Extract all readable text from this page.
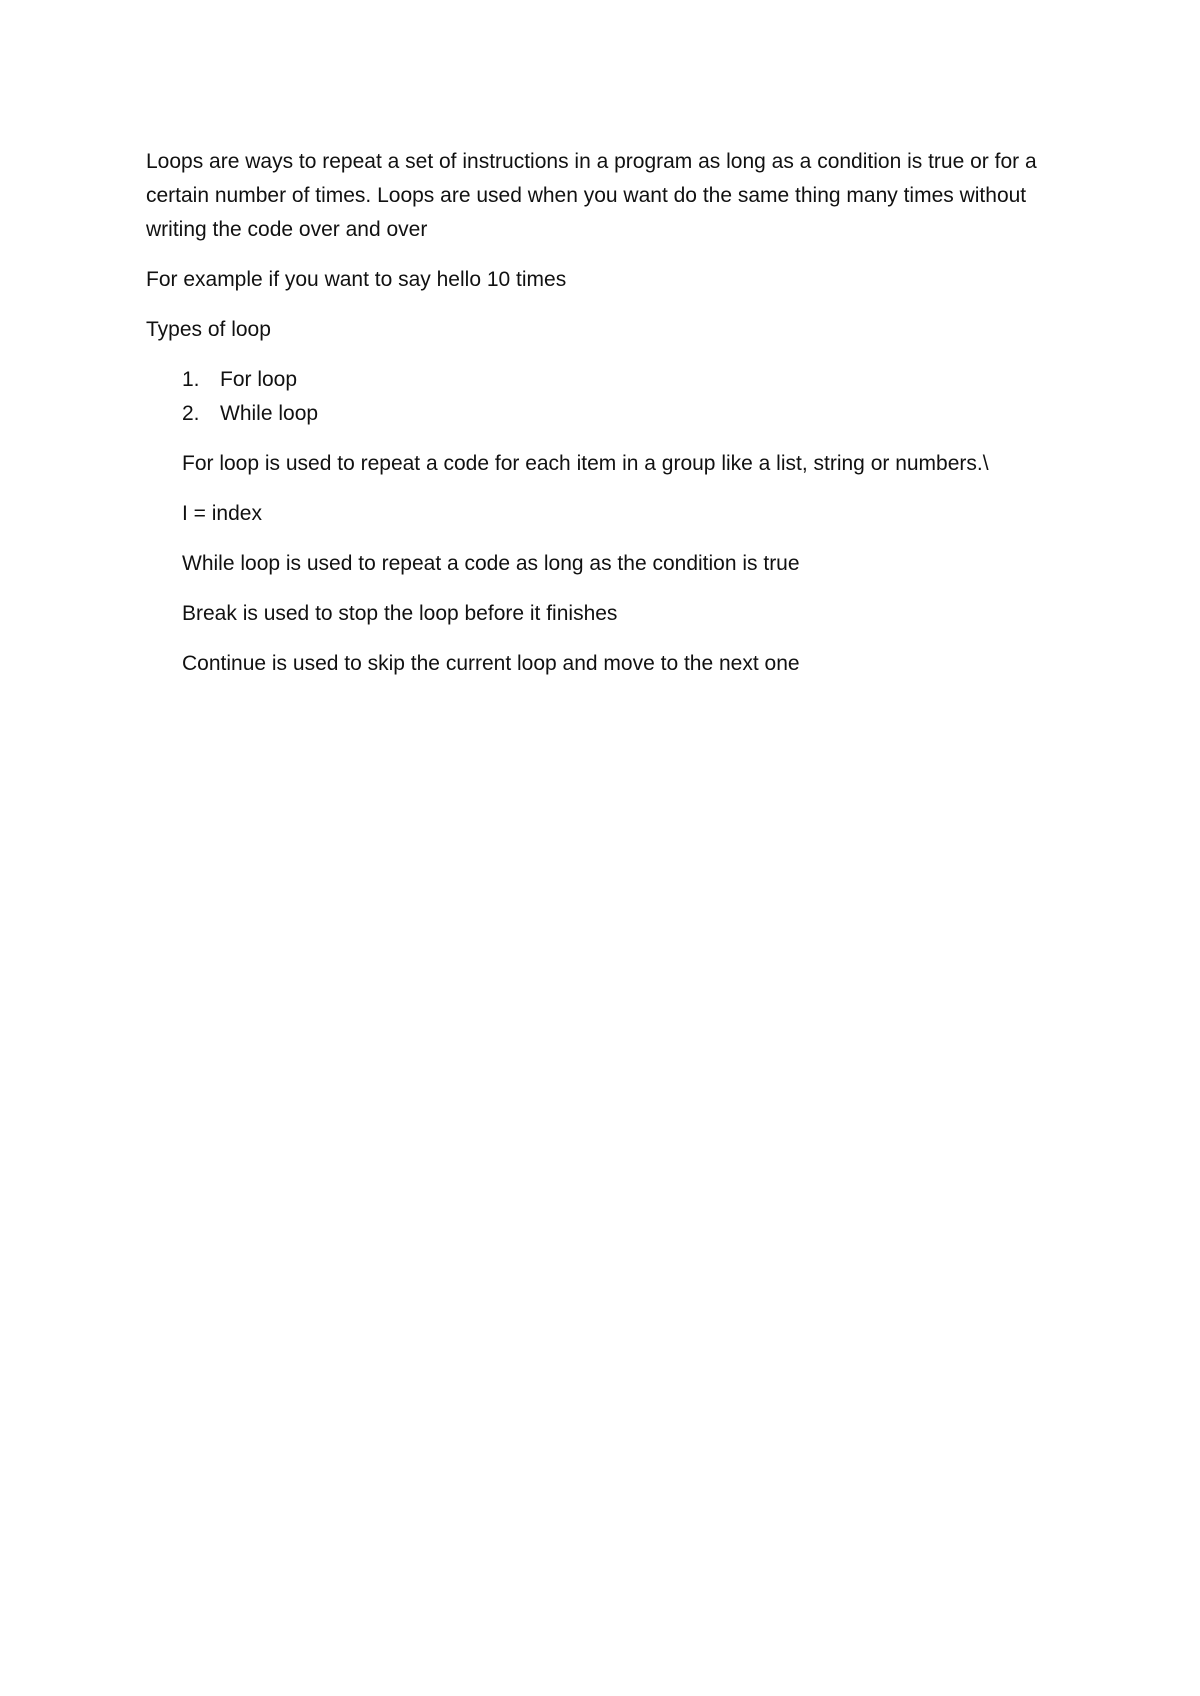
Loops are ways to repeat a set of instructions in a program as long as a condition is true or for a certain number of times. Loops are used when you want do the same thing many times without writing the code over and over

For example if you want to say hello 10 times

Types of loop

1. For loop
2. While loop

For loop is used to repeat a code for each item in a group like a list, string or numbers.\

I = index

While loop is used to repeat a code as long as the condition is true

Break is used to stop the loop before it finishes

Continue is used to skip the current loop and move to the next one
